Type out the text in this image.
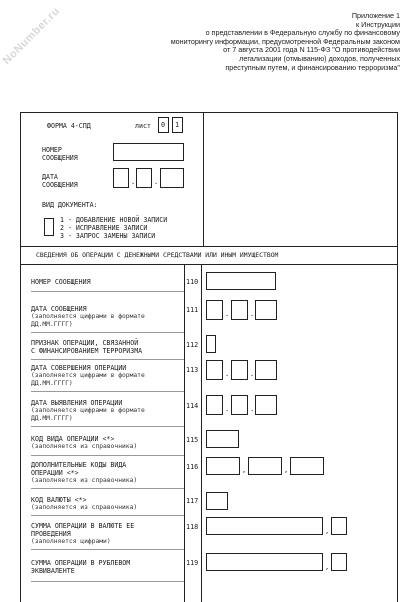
NoNumber.ru	Приложение 1
к Инструкции
о представлении в Федеральную службу по финансовому
мониторингу информации, предусмотренной Федеральным законом
от 7 августа 2001 года N 115-ФЗ "О противодействии
легализации (отмыванию) доходов, полученных
преступным путем, и финансированию терроризма"
ФОРМА 4-СПД	лист 0 1
НОМЕР
СООБЩЕНИЯ
ДАТА
СООБЩЕНИЯ	.	.
ВИД ДОКУМЕНТА:
1 - ДОБАВЛЕНИЕ НОВОЙ ЗАПИСИ
2 - ИСПРАВЛЕНИЕ ЗАПИСИ
3 - ЗАПРОС ЗАМЕНЫ ЗАПИСИ
СВЕДЕНИЯ ОБ ОПЕРАЦИИ С ДЕНЕЖНЫМИ СРЕДСТВАМИ ИЛИ ИНЫМ ИМУЩЕСТВОМ
НОМЕР СООБЩЕНИЯ	110
ДАТА СООБЩЕНИЯ
(заполняется цифрами в формате
ДД.ММ.ГГГГ)
111	.	.
ПРИЗНАК ОПЕРАЦИИ, СВЯЗАННОЙ
С ФИНАНСИРОВАНИЕМ ТЕРРОРИЗМА
112
ДАТА СОВЕРШЕНИЯ ОПЕРАЦИИ
(заполняется цифрами в формате
ДД.ММ.ГГГГ)
113	.	.
ДАТА ВЫЯВЛЕНИЯ ОПЕРАЦИИ
(заполняется цифрами в формате
ДД.ММ.ГГГГ)
114	.	.
КОД ВИДА ОПЕРАЦИИ <*>
(заполняется из справочника)
115
ДОПОЛНИТЕЛЬНЫЕ КОДЫ ВИДА
ОПЕРАЦИИ <*>
(заполняется из справочника)
116	,	,
КОД ВАЛЮТЫ <*>
(заполняется из справочника)
117
СУММА ОПЕРАЦИИ В ВАЛЮТЕ ЕЕ
ПРОВЕДЕНИЯ
(заполняется цифрами)
118	,
СУММА ОПЕРАЦИИ В РУБЛЕВОМ
ЭКВИВАЛЕНТЕ
119	,
